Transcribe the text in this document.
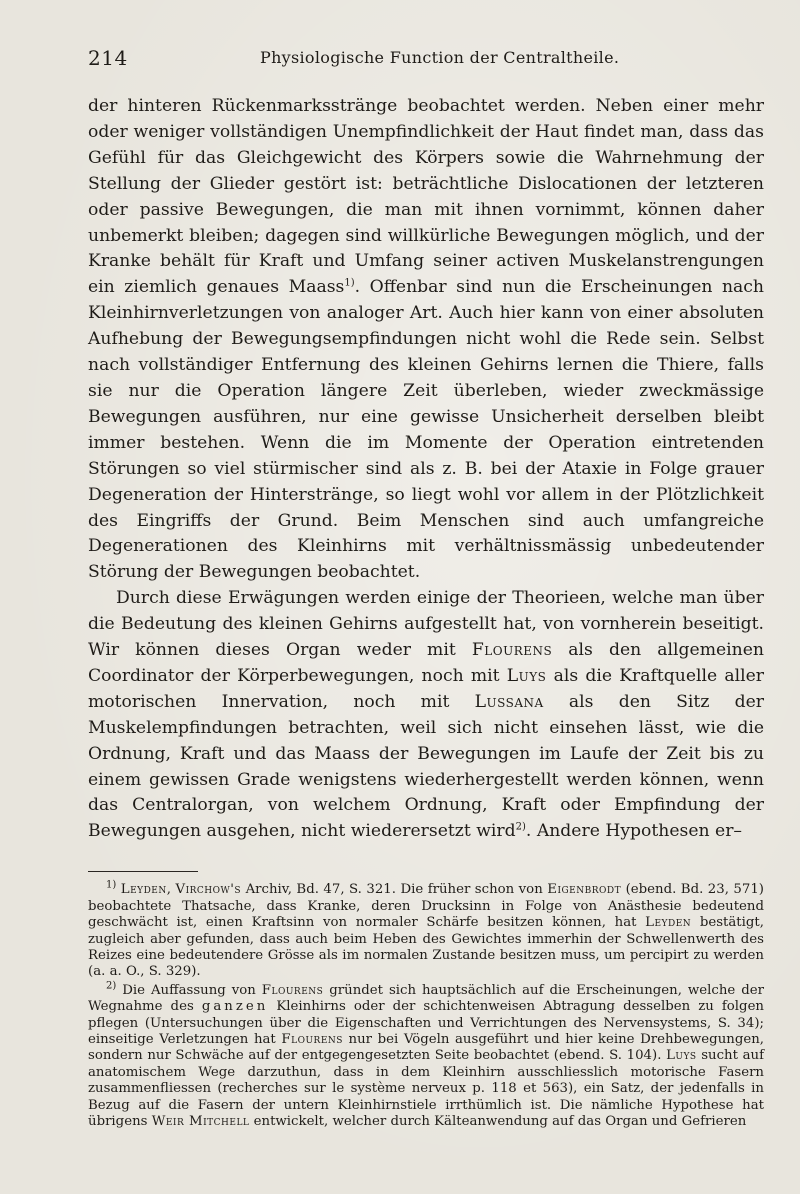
214	Physiologische Function der Centraltheile.

der hinteren Rückenmarksstränge beobachtet werden. Neben einer mehr oder weniger vollständigen Unempfindlichkeit der Haut findet man, dass das Gefühl für das Gleichgewicht des Körpers sowie die Wahrnehmung der Stellung der Glieder gestört ist: beträchtliche Dislocationen der letzteren oder passive Bewegungen, die man mit ihnen vornimmt, können daher unbemerkt bleiben; dagegen sind willkürliche Bewegungen möglich, und der Kranke behält für Kraft und Umfang seiner activen Muskelanstrengungen ein ziemlich genaues Maass$^{1)}$. Offenbar sind nun die Erscheinungen nach Kleinhirnverletzungen von analoger Art. Auch hier kann von einer absoluten Aufhebung der Bewegungsempfindungen nicht wohl die Rede sein. Selbst nach vollständiger Entfernung des kleinen Gehirns lernen die Thiere, falls sie nur die Operation längere Zeit überleben, wieder zweckmässige Bewegungen ausführen, nur eine gewisse Unsicherheit derselben bleibt immer bestehen. Wenn die im Momente der Operation eintretenden Störungen so viel stürmischer sind als z. B. bei der Ataxie in Folge grauer Degeneration der Hinterstränge, so liegt wohl vor allem in der Plötzlichkeit des Eingriffs der Grund. Beim Menschen sind auch umfangreiche Degenerationen des Kleinhirns mit verhältnissmässig unbedeutender Störung der Bewegungen beobachtet.

Durch diese Erwägungen werden einige der Theorieen, welche man über die Bedeutung des kleinen Gehirns aufgestellt hat, von vornherein beseitigt. Wir können dieses Organ weder mit Flourens als den allgemeinen Coordinator der Körperbewegungen, noch mit Luys als die Kraftquelle aller motorischen Innervation, noch mit Lussana als den Sitz der Muskelempfindungen betrachten, weil sich nicht einsehen lässt, wie die Ordnung, Kraft und das Maass der Bewegungen im Laufe der Zeit bis zu einem gewissen Grade wenigstens wiederhergestellt werden können, wenn das Centralorgan, von welchem Ordnung, Kraft oder Empfindung der Bewegungen ausgehen, nicht wiederersetzt wird$^{2)}$. Andere Hypothesen er–

$^{1)}$ Leyden, Virchow's Archiv, Bd. 47, S. 321. Die früher schon von Eigenbrodt (ebend. Bd. 23, 571) beobachtete Thatsache, dass Kranke, deren Drucksinn in Folge von Anästhesie bedeutend geschwächt ist, einen Kraftsinn von normaler Schärfe besitzen können, hat Leyden bestätigt, zugleich aber gefunden, dass auch beim Heben des Gewichtes immerhin der Schwellenwerth des Reizes eine bedeutendere Grösse als im normalen Zustande besitzen muss, um percipirt zu werden (a. a. O., S. 329).

$^{2)}$ Die Auffassung von Flourens gründet sich hauptsächlich auf die Erscheinungen, welche der Wegnahme des ganzen Kleinhirns oder der schichtenweisen Abtragung desselben zu folgen pflegen (Untersuchungen über die Eigenschaften und Verrichtungen des Nervensystems, S. 34); einseitige Verletzungen hat Flourens nur bei Vögeln ausgeführt und hier keine Drehbewegungen, sondern nur Schwäche auf der entgegengesetzten Seite beobachtet (ebend. S. 104). Luys sucht auf anatomischem Wege darzuthun, dass in dem Kleinhirn ausschliesslich motorische Fasern zusammenfliessen (recherches sur le système nerveux p. 118 et 563), ein Satz, der jedenfalls in Bezug auf die Fasern der untern Kleinhirnstiele irrthümlich ist. Die nämliche Hypothese hat übrigens Weir Mitchell entwickelt, welcher durch Kälteanwendung auf das Organ und Gefrieren
